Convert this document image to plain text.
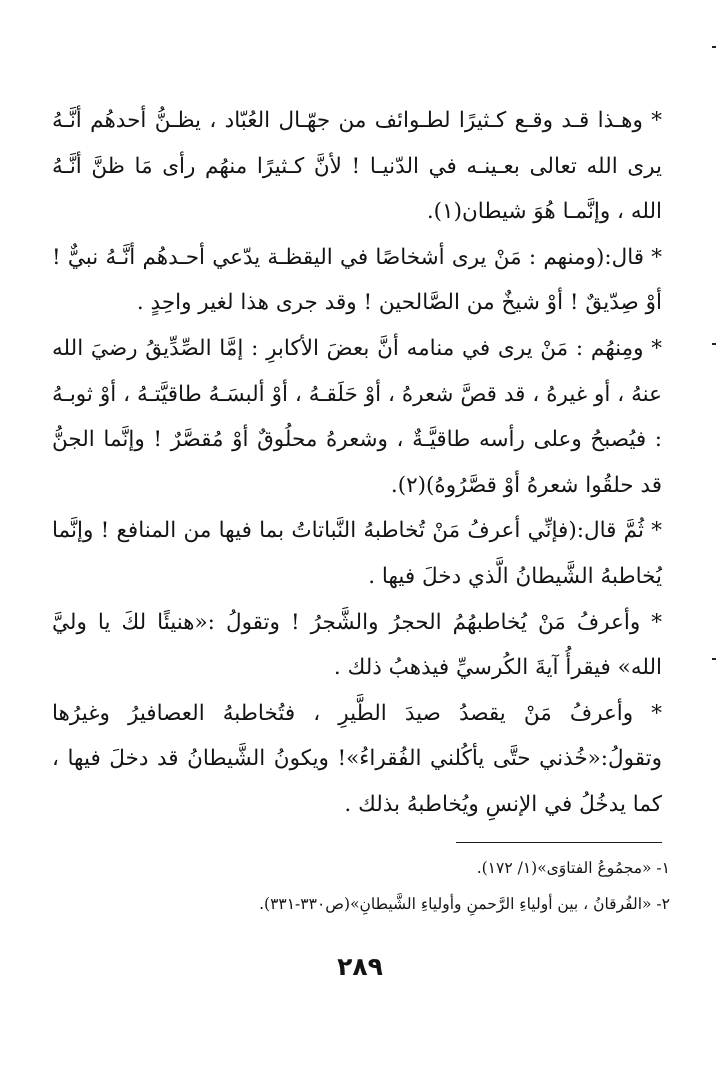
* وهـذا قـد وقـع كـثيرًا لطـوائف من جهّـال العُبّاد ، يظـنُّ أحدهُم أنَّـهُ يرى الله تعالى بعـينـه في الدّنيـا ! لأنَّ كـثيرًا منهُم رأى مَا ظنَّ أنَّـهُ الله ، وإنَّمـا هُوَ شيطان(١).

* قال:(ومنهم : مَنْ يرى أشخاصًا في اليقظـة يدّعي أحـدهُم أنَّـهُ نبيٌّ ! أوْ صِدّيقٌ ! أوْ شيخٌ من الصَّالحين ! وقد جرى هذا لغير واحِدٍ .

* ومِنهُم : مَنْ يرى في منامه أنَّ بعضَ الأكابرِ : إمَّا الصِّدِّيقُ رضيَ الله عنهُ ، أو غيرهُ ، قد قصَّ شعرهُ ، أوْ حَلَقـهُ ، أوْ ألبسَـهُ طاقيَّتـهُ ، أوْ ثوبـهُ : فيُصبحُ وعلى رأسه طاقيَّـةٌ ، وشعرهُ محلُوقٌ أوْ مُقصَّرٌ ! وإنَّما الجنُّ قد حلقُوا شعرهُ أوْ قصَّرُوهُ)(٢).

* ثُمَّ قال:(فإنِّي أعرفُ مَنْ تُخاطبهُ النَّباتاتُ بما فيها من المنافع ! وإنَّما يُخاطبهُ الشَّيطانُ الَّذي دخلَ فيها .

* وأعرفُ مَنْ يُخاطبهُمُ الحجرُ والشَّجرُ ! وتقولُ :«هنيئًا لكَ يا وليَّ الله» فيقرأُ آيةَ الكُرسيِّ فيذهبُ ذلك .

* وأعرفُ مَنْ يقصدُ صيدَ الطَّيرِ ، فتُخاطبهُ العصافيرُ وغيرُها وتقولُ:«خُذني حتَّى يأكُلني الفُقراءُ»! ويكونُ الشَّيطانُ قد دخلَ فيها ، كما يدخُلُ في الإنسِ ويُخاطبهُ بذلك .

١- «مجمُوعُ الفتاوَى»(١/ ١٧٢).

٢- «الفُرقانُ ، بين أولياءِ الرَّحمنِ وأولياءِ الشَّيطانِ»(ص٣٣٠-٣٣١).

٢٨٩
